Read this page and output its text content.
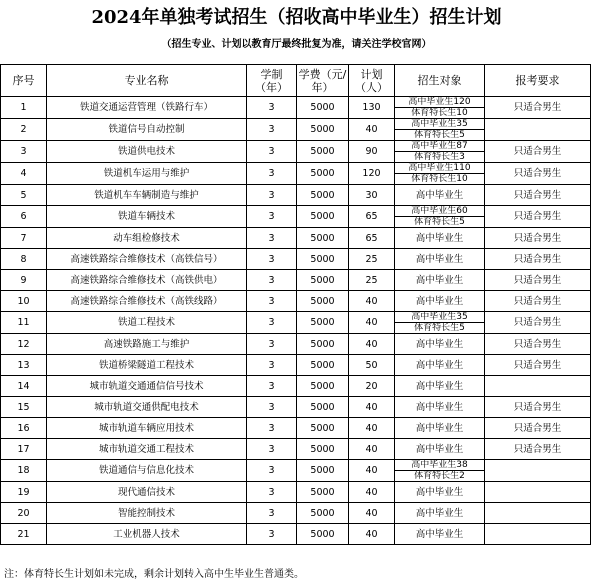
2024年单独考试招生（招收高中毕业生）招生计划
（招生专业、计划以教育厅最终批复为准，请关注学校官网）
序号	专业名称	学制（年）	学费（元/年）	计划（人）	招生对象	报考要求
1	铁道交通运营管理（铁路行车）	3	5000	130	高中毕业生120	只适合男生
					体育特长生10	
2	铁道信号自动控制	3	5000	40	高中毕业生35	
					体育特长生5	
3	铁道供电技术	3	5000	90	高中毕业生87	只适合男生
					体育特长生3	
4	铁道机车运用与维护	3	5000	120	高中毕业生110	只适合男生
					体育特长生10	
5	铁道机车车辆制造与维护	3	5000	30	高中毕业生	只适合男生
6	铁道车辆技术	3	5000	65	高中毕业生60	只适合男生
					体育特长生5	
7	动车组检修技术	3	5000	65	高中毕业生	只适合男生
8	高速铁路综合维修技术（高铁信号）	3	5000	25	高中毕业生	只适合男生
9	高速铁路综合维修技术（高铁供电）	3	5000	25	高中毕业生	只适合男生
10	高速铁路综合维修技术（高铁线路）	3	5000	40	高中毕业生	只适合男生
11	铁道工程技术	3	5000	40	高中毕业生35	只适合男生
					体育特长生5	
12	高速铁路施工与维护	3	5000	40	高中毕业生	只适合男生
13	铁道桥梁隧道工程技术	3	5000	50	高中毕业生	只适合男生
14	城市轨道交通通信信号技术	3	5000	20	高中毕业生	
15	城市轨道交通供配电技术	3	5000	40	高中毕业生	只适合男生
16	城市轨道车辆应用技术	3	5000	40	高中毕业生	只适合男生
17	城市轨道交通工程技术	3	5000	40	高中毕业生	只适合男生
18	铁道通信与信息化技术	3	5000	40	高中毕业生38	
					体育特长生2	
19	现代通信技术	3	5000	40	高中毕业生	
20	智能控制技术	3	5000	40	高中毕业生	
21	工业机器人技术	3	5000	40	高中毕业生	
注：体育特长生计划如未完成，剩余计划转入高中生毕业生普通类。
